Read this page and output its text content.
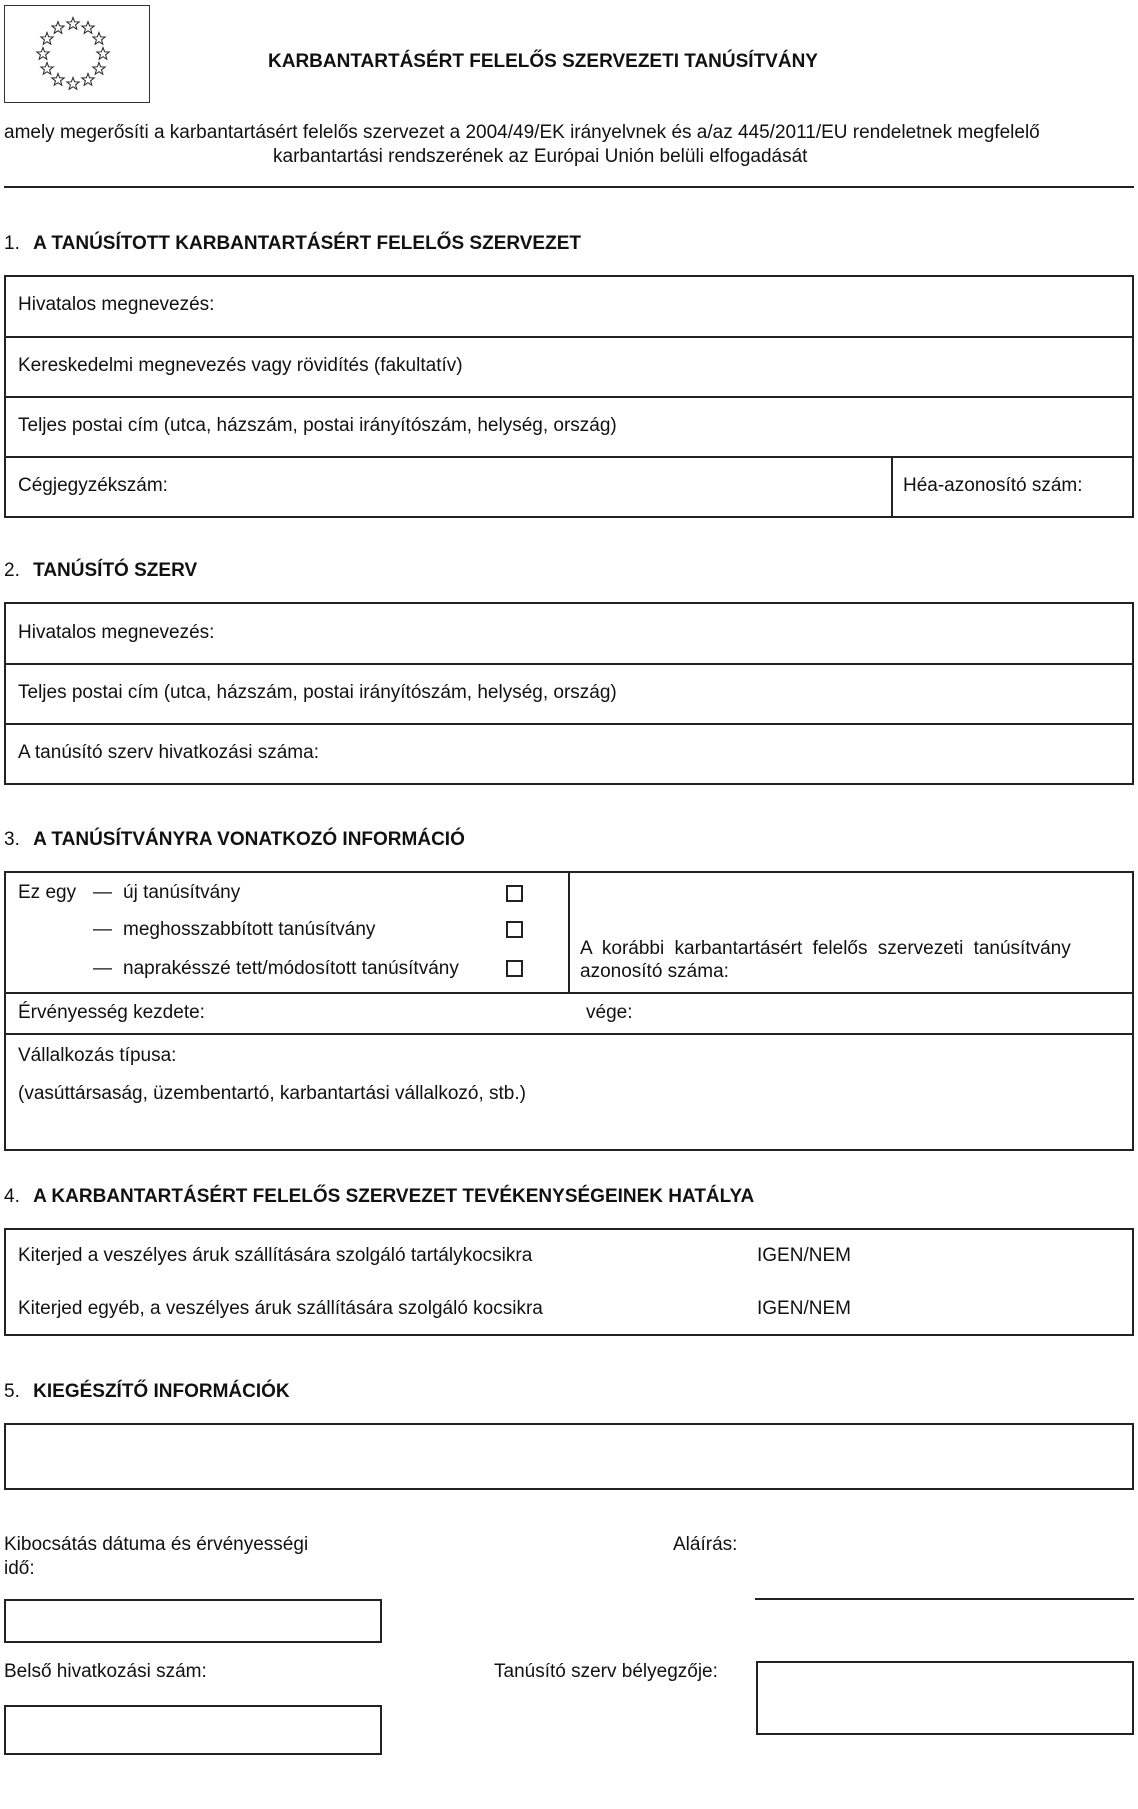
KARBANTARTÁSÉRT FELELŐS SZERVEZETI TANÚSÍTVÁNY
amely megerősíti a karbantartásért felelős szervezet a 2004/49/EK irányelvnek és a/az 445/2011/EU rendeletnek megfelelő
karbantartási rendszerének az Európai Unión belüli elfogadását
1. A TANÚSÍTOTT KARBANTARTÁSÉRT FELELŐS SZERVEZET
Hivatalos megnevezés:
Kereskedelmi megnevezés vagy rövidítés (fakultatív)
Teljes postai cím (utca, házszám, postai irányítószám, helység, ország)
Cégjegyzékszám:	Héa-azonosító szám:
2. TANÚSÍTÓ SZERV
Hivatalos megnevezés:
Teljes postai cím (utca, házszám, postai irányítószám, helység, ország)
A tanúsító szerv hivatkozási száma:
3. A TANÚSÍTVÁNYRA VONATKOZÓ INFORMÁCIÓ
Ez egy — új tanúsítvány
— meghosszabbított tanúsítvány
— naprakésszé tett/módosított tanúsítvány
A korábbi karbantartásért felelős szervezeti tanúsítvány
azonosító száma:
Érvényesség kezdete:	vége:
Vállalkozás típusa:
(vasúttársaság, üzembentartó, karbantartási vállalkozó, stb.)
4. A KARBANTARTÁSÉRT FELELŐS SZERVEZET TEVÉKENYSÉGEINEK HATÁLYA
Kiterjed a veszélyes áruk szállítására szolgáló tartálykocsikra	IGEN/NEM
Kiterjed egyéb, a veszélyes áruk szállítására szolgáló kocsikra	IGEN/NEM
5. KIEGÉSZÍTŐ INFORMÁCIÓK
Kibocsátás dátuma és érvényességi
idő:
Aláírás:
Belső hivatkozási szám:	Tanúsító szerv bélyegzője:
